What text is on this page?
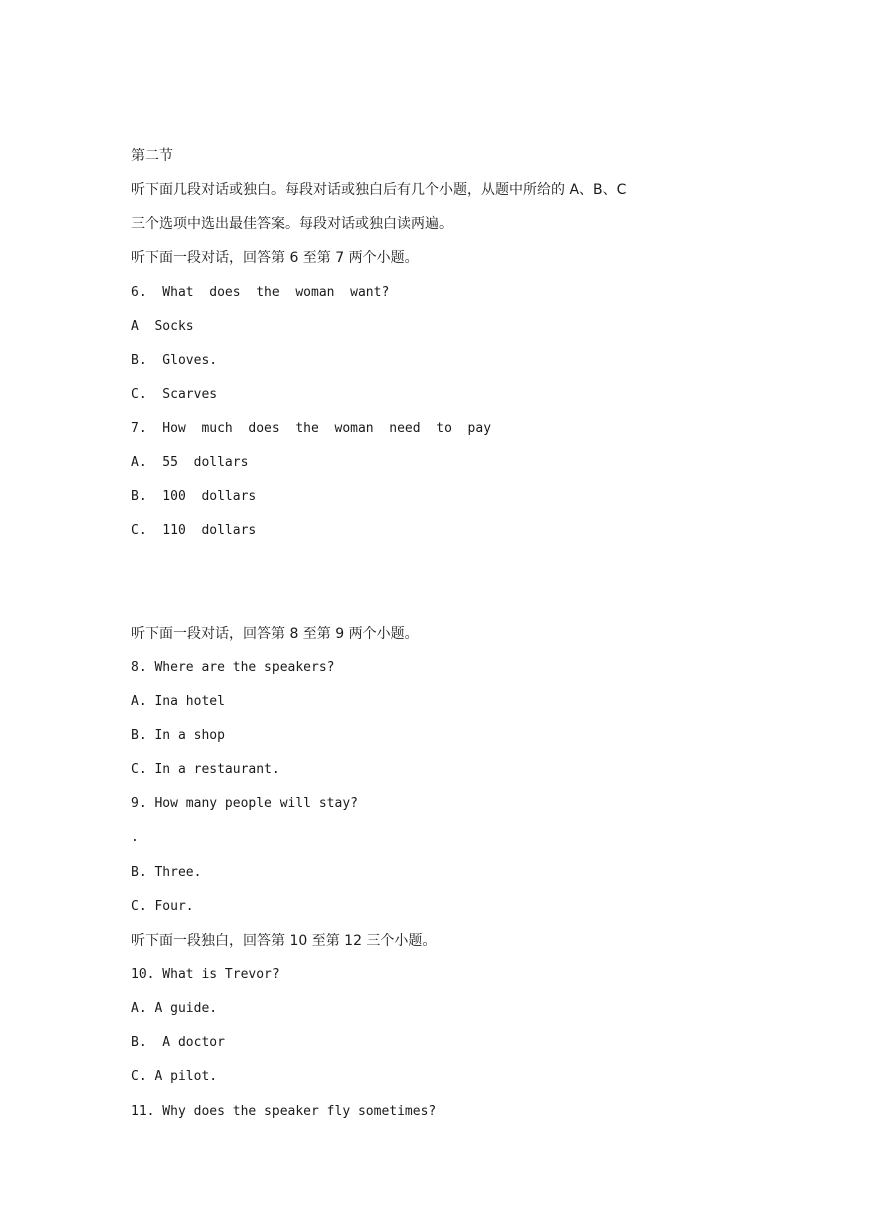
第二节
听下面几段对话或独白。每段对话或独白后有几个小题，从题中所给的 A、B、C
三个选项中选出最佳答案。每段对话或独白读两遍。
听下面一段对话，回答第 6 至第 7 两个小题。
6.  What  does  the  woman  want?
A  Socks
B.  Gloves.
C.  Scarves
7.  How  much  does  the  woman  need  to  pay
A.  55  dollars
B.  100  dollars
C.  110  dollars
听下面一段对话，回答第 8 至第 9 两个小题。
8. Where are the speakers?
A. Ina hotel
B. In a shop
C. In a restaurant.
9. How many people will stay?
.
B. Three.
C. Four.
听下面一段独白，回答第 10 至第 12 三个小题。
10. What is Trevor?
A. A guide.
B.  A doctor
C. A pilot.
11. Why does the speaker fly sometimes?
